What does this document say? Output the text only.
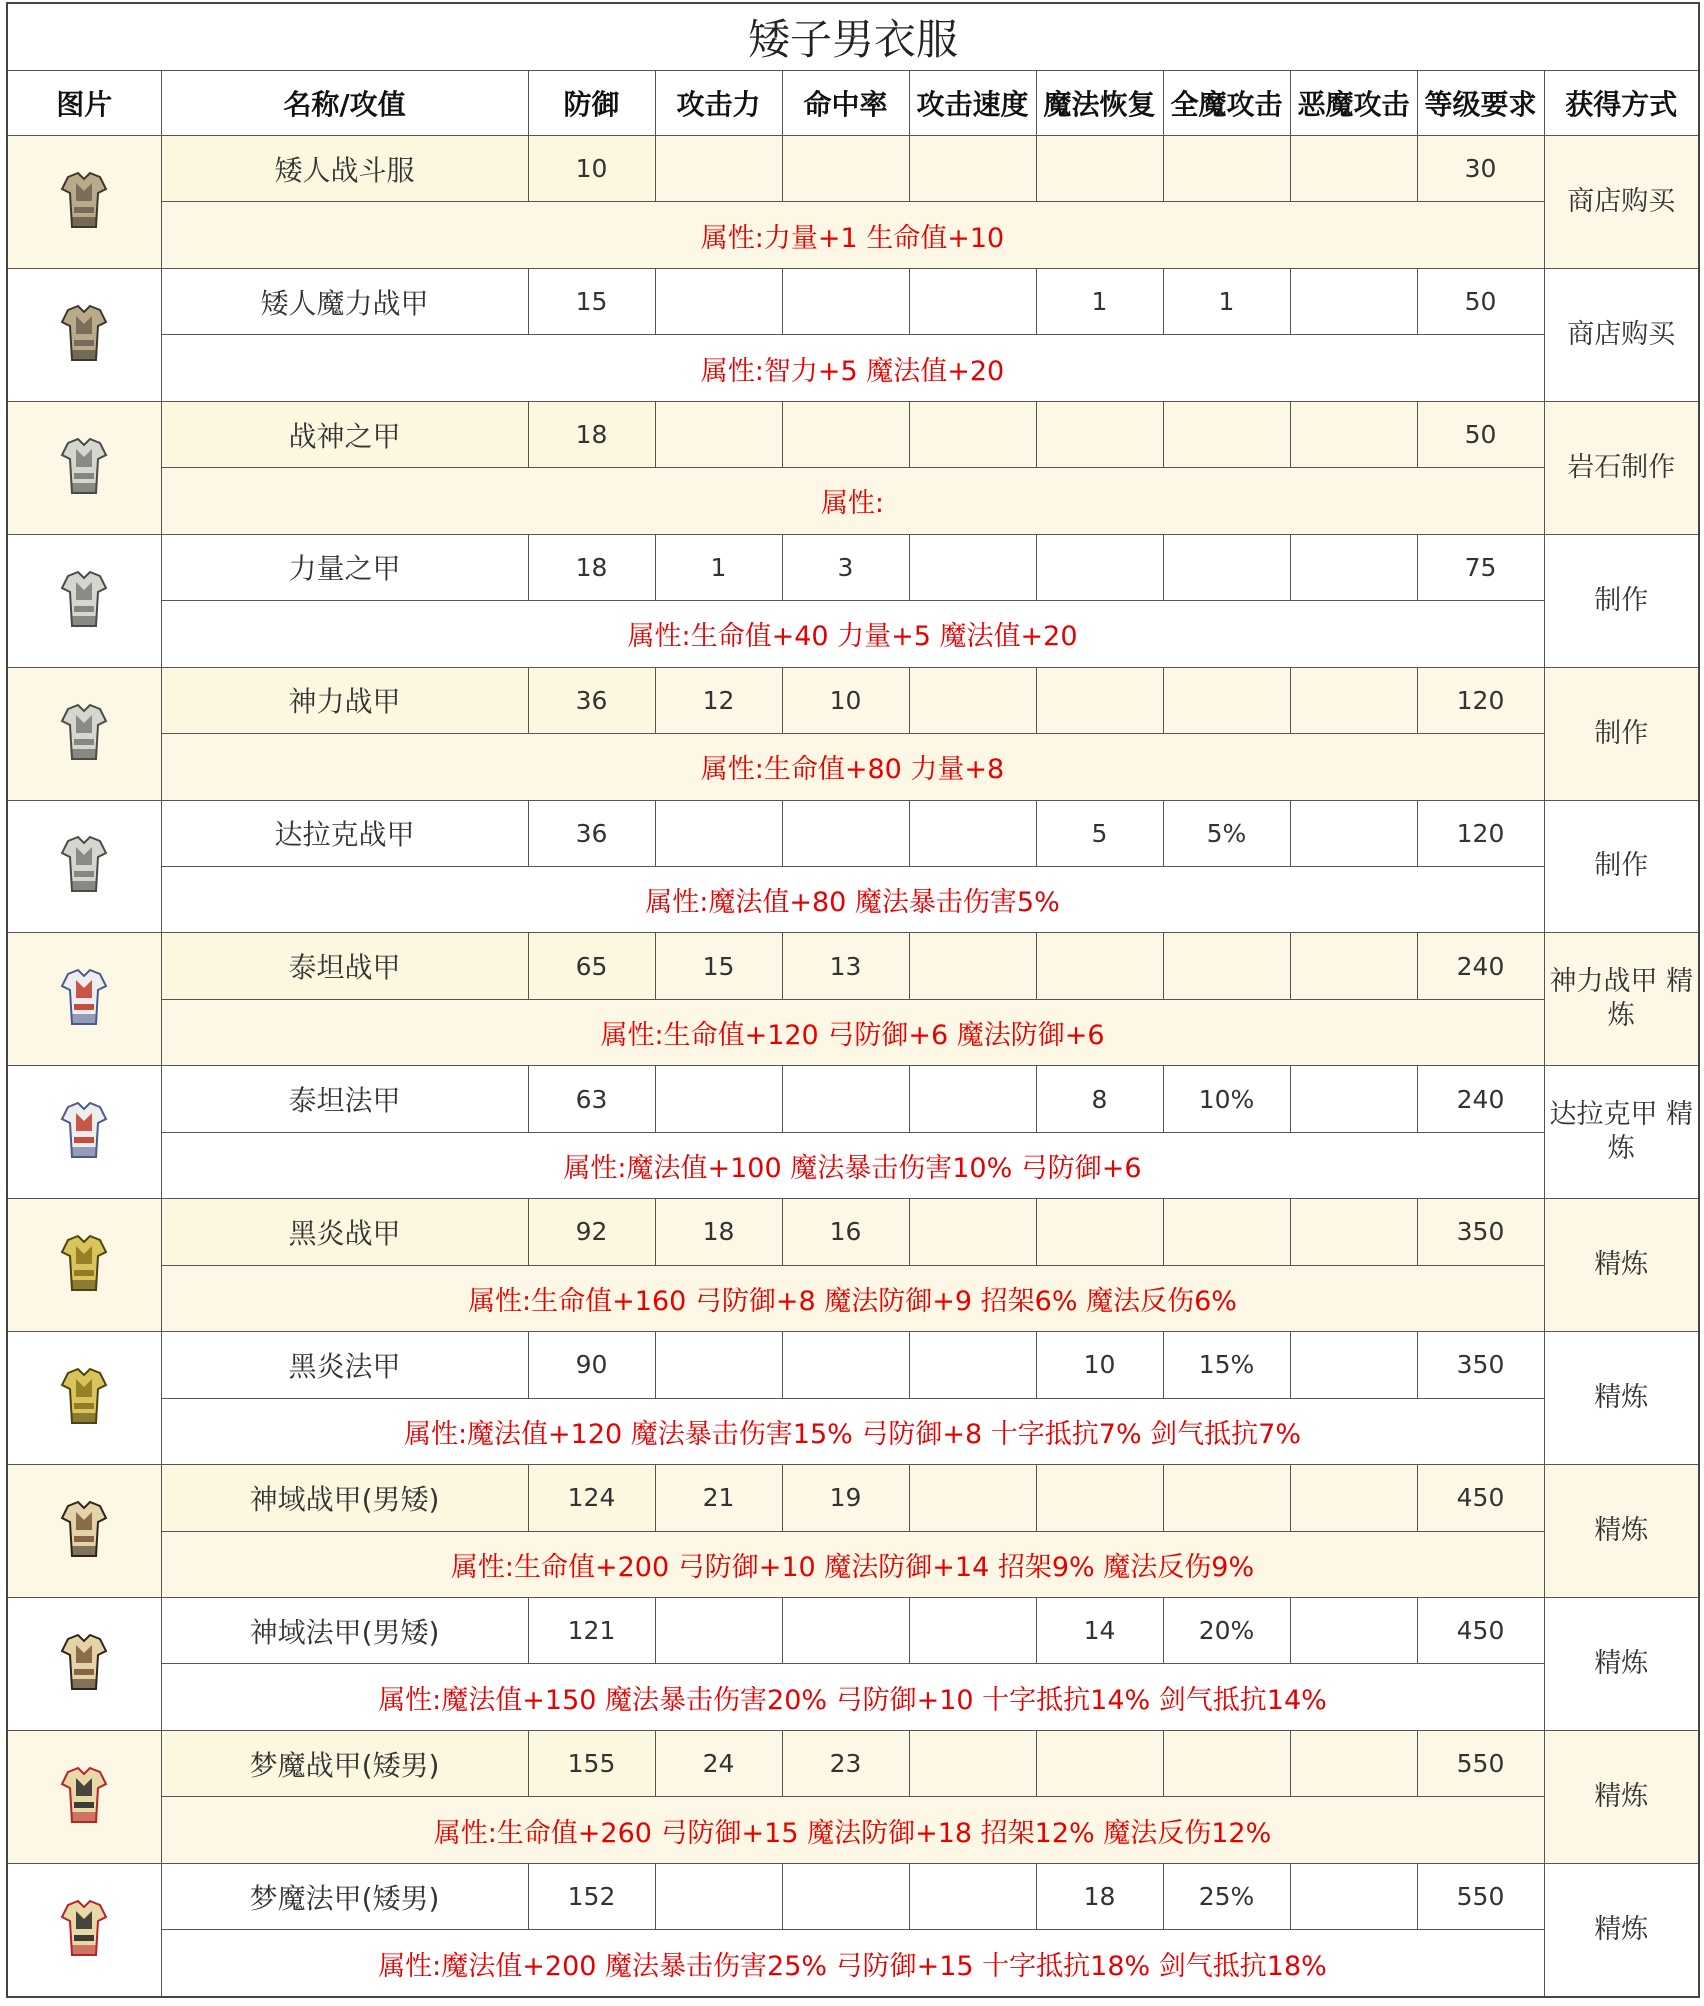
矮子男衣服										
图片	名称/攻值	防御	攻击力	命中率	攻击速度	魔法恢复	全魔攻击	恶魔攻击	等级要求	获得方式

	矮人战斗服	10							30	商店购买
	属性:力量+1 生命值+10									

	矮人魔力战甲	15				1	1		50	商店购买
	属性:智力+5 魔法值+20									

	战神之甲	18							50	岩石制作
	属性:									

	力量之甲	18	1	3					75	制作
	属性:生命值+40 力量+5 魔法值+20									

	神力战甲	36	12	10					120	制作
	属性:生命值+80 力量+8									

	达拉克战甲	36				5	5%		120	制作
	属性:魔法值+80 魔法暴击伤害5%									

	泰坦战甲	65	15	13					240	神力战甲 精炼
	属性:生命值+120 弓防御+6 魔法防御+6									

	泰坦法甲	63				8	10%		240	达拉克甲 精炼
	属性:魔法值+100 魔法暴击伤害10% 弓防御+6									

	黑炎战甲	92	18	16					350	精炼
	属性:生命值+160 弓防御+8 魔法防御+9 招架6% 魔法反伤6%									

	黑炎法甲	90				10	15%		350	精炼
	属性:魔法值+120 魔法暴击伤害15% 弓防御+8 十字抵抗7% 剑气抵抗7%									

	神域战甲(男矮)	124	21	19					450	精炼
	属性:生命值+200 弓防御+10 魔法防御+14 招架9% 魔法反伤9%									

	神域法甲(男矮)	121				14	20%		450	精炼
	属性:魔法值+150 魔法暴击伤害20% 弓防御+10 十字抵抗14% 剑气抵抗14%									

	梦魔战甲(矮男)	155	24	23					550	精炼
	属性:生命值+260 弓防御+15 魔法防御+18 招架12% 魔法反伤12%									

	梦魔法甲(矮男)	152				18	25%		550	精炼
	属性:魔法值+200 魔法暴击伤害25% 弓防御+15 十字抵抗18% 剑气抵抗18%									
